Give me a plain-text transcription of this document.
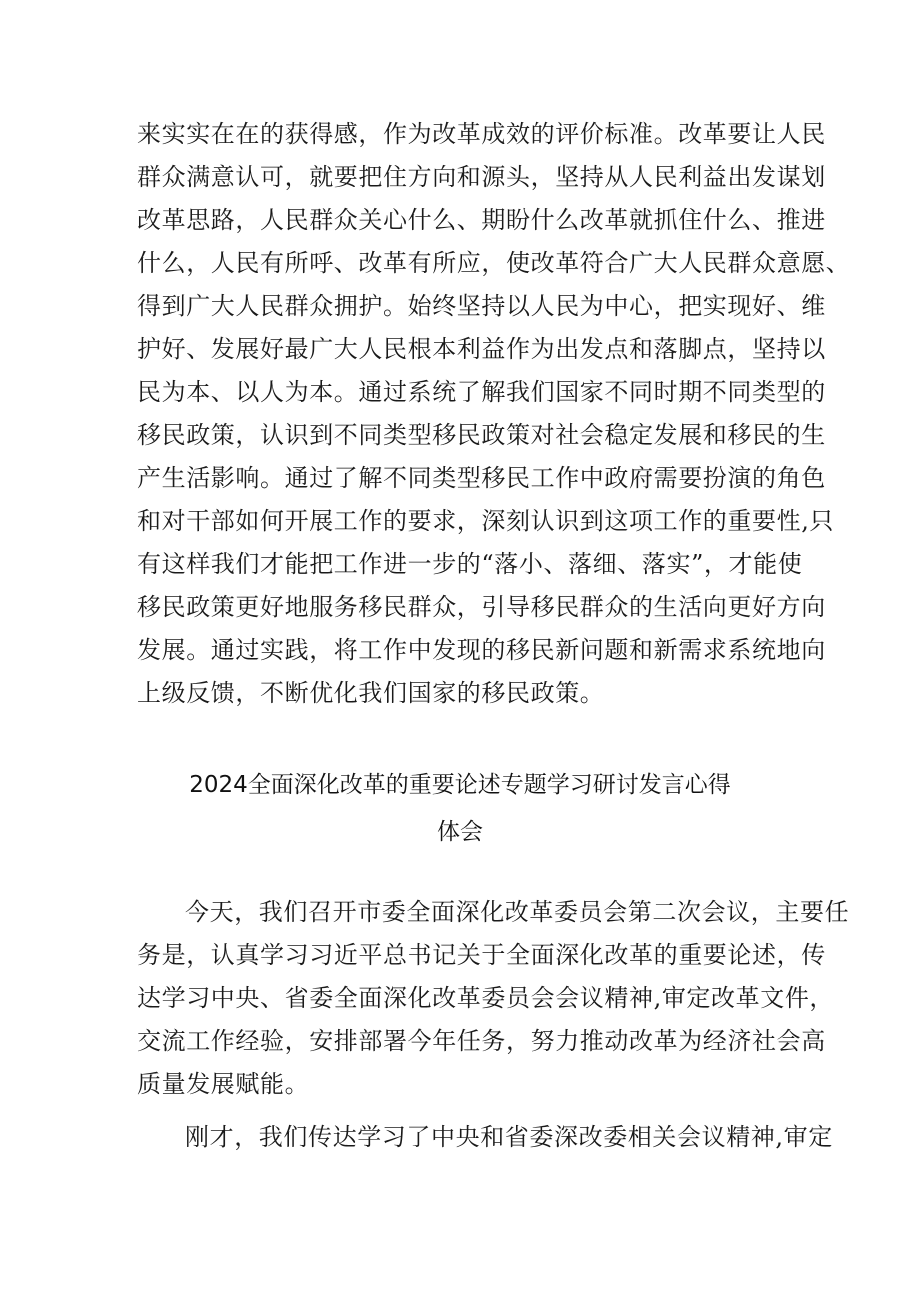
来实实在在的获得感，作为改革成效的评价标准。改革要让人民
群众满意认可，就要把住方向和源头，坚持从人民利益出发谋划
改革思路，人民群众关心什么、期盼什么改革就抓住什么、推进
什么，人民有所呼、改革有所应，使改革符合广大人民群众意愿、
得到广大人民群众拥护。始终坚持以人民为中心，把实现好、维
护好、发展好最广大人民根本利益作为出发点和落脚点，坚持以
民为本、以人为本。通过系统了解我们国家不同时期不同类型的
移民政策，认识到不同类型移民政策对社会稳定发展和移民的生
产生活影响。通过了解不同类型移民工作中政府需要扮演的角色
和对干部如何开展工作的要求，深刻认识到这项工作的重要性,只
有这样我们才能把工作进一步的“落小、落细、落实”，才能使
移民政策更好地服务移民群众，引导移民群众的生活向更好方向
发展。通过实践，将工作中发现的移民新问题和新需求系统地向
上级反馈，不断优化我们国家的移民政策。
2024全面深化改革的重要论述专题学习研讨发言心得
体会
今天，我们召开市委全面深化改革委员会第二次会议，主要任
务是，认真学习习近平总书记关于全面深化改革的重要论述，传
达学习中央、省委全面深化改革委员会会议精神,审定改革文件，
交流工作经验，安排部署今年任务，努力推动改革为经济社会高
质量发展赋能。
刚才，我们传达学习了中央和省委深改委相关会议精神,审定
